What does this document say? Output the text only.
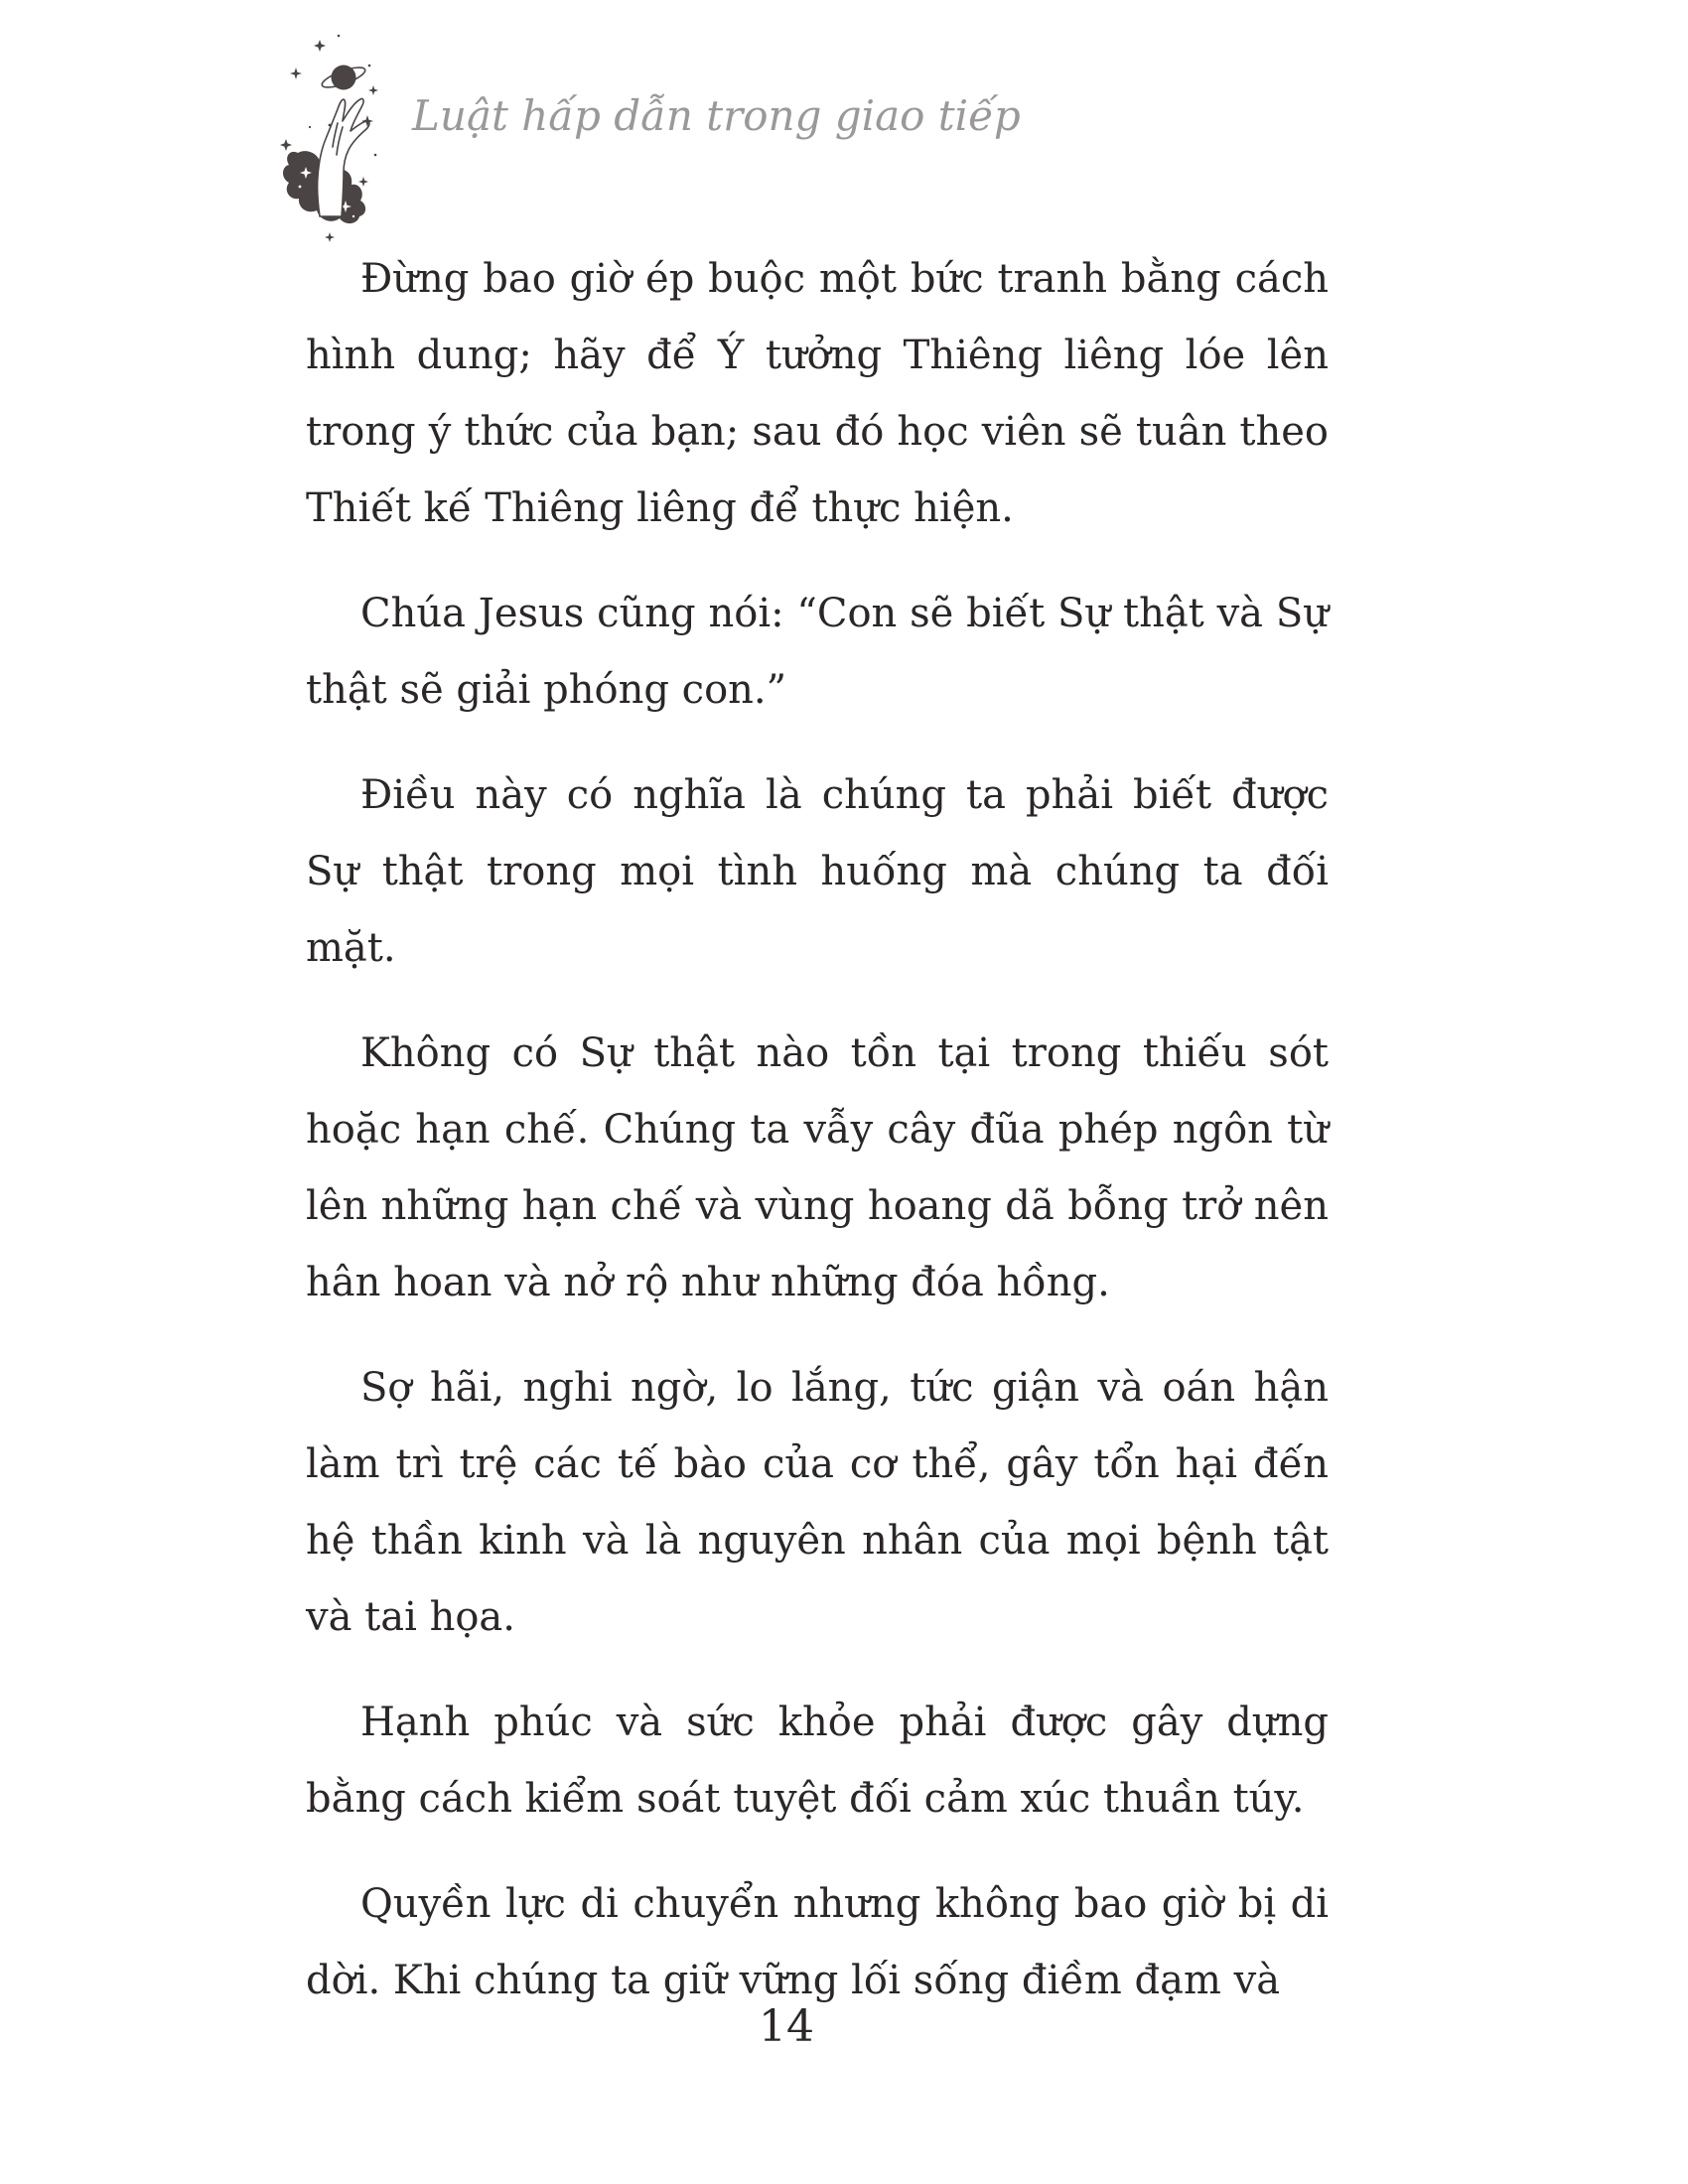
Luật hấp dẫn trong giao tiếp

Đừng bao giờ ép buộc một bức tranh bằng cách hình dung; hãy để Ý tưởng Thiêng liêng lóe lên trong ý thức của bạn; sau đó học viên sẽ tuân theo Thiết kế Thiêng liêng để thực hiện.

Chúa Jesus cũng nói: “Con sẽ biết Sự thật và Sự thật sẽ giải phóng con.”

Điều này có nghĩa là chúng ta phải biết được Sự thật trong mọi tình huống mà chúng ta đối mặt.

Không có Sự thật nào tồn tại trong thiếu sót hoặc hạn chế. Chúng ta vẫy cây đũa phép ngôn từ lên những hạn chế và vùng hoang dã bỗng trở nên hân hoan và nở rộ như những đóa hồng.

Sợ hãi, nghi ngờ, lo lắng, tức giận và oán hận làm trì trệ các tế bào của cơ thể, gây tổn hại đến hệ thần kinh và là nguyên nhân của mọi bệnh tật và tai họa.

Hạnh phúc và sức khỏe phải được gây dựng bằng cách kiểm soát tuyệt đối cảm xúc thuần túy.

Quyền lực di chuyển nhưng không bao giờ bị di dời. Khi chúng ta giữ vững lối sống điềm đạm và

14
